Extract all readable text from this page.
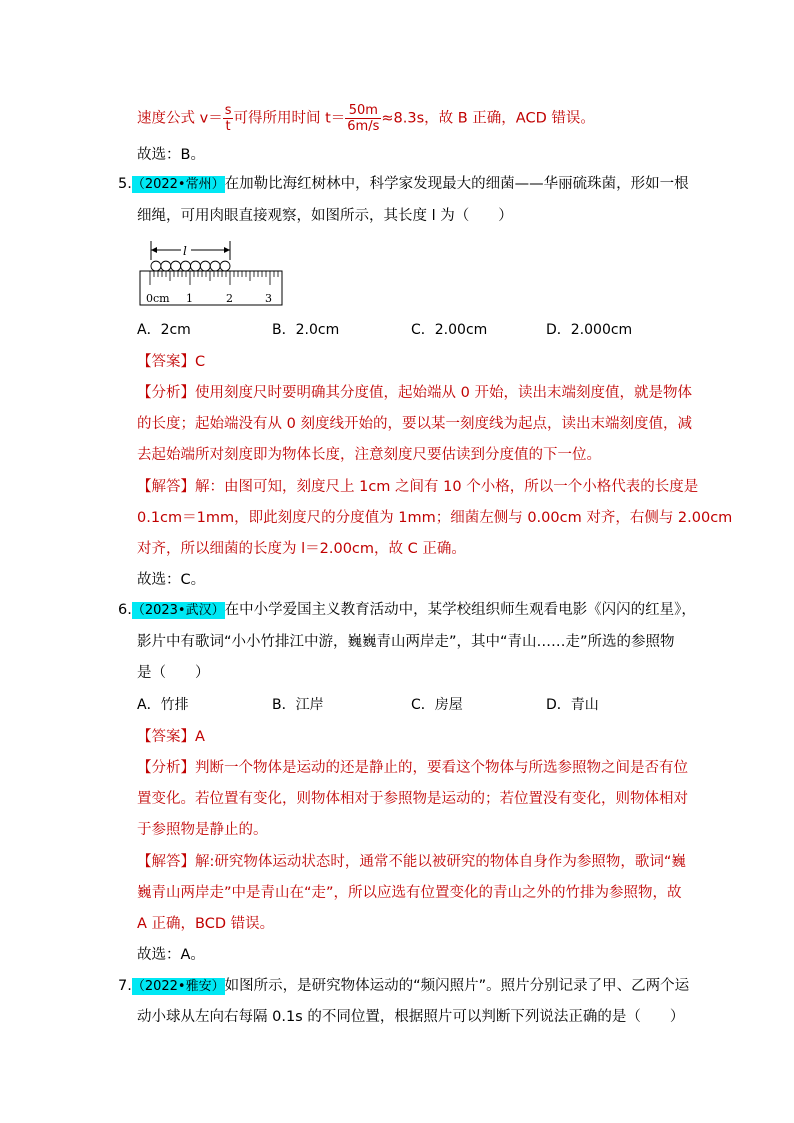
速度公式 $v= \frac{s}{t}$ 可得所用时间 $t= \frac{50m}{6m/s} \approx 8.3s$，故 B 正确，ACD 错误。
故选：B。
5.（2022•常州）在加勒比海红树林中，科学家发现最大的细菌——华丽硫珠菌，形如一根
细绳，可用肉眼直接观察，如图所示，其长度 l 为（　　）
l
0cm 1	2	3
A．2cm	B．2.0cm	C．2.00cm	D．2.000cm
【答案】C
【分析】使用刻度尺时要明确其分度值，起始端从 0 开始，读出末端刻度值，就是物体
的长度；起始端没有从 0 刻度线开始的，要以某一刻度线为起点，读出末端刻度值，减
去起始端所对刻度即为物体长度，注意刻度尺要估读到分度值的下一位。
【解答】解：由图可知，刻度尺上 1cm 之间有 10 个小格，所以一个小格代表的长度是
0.1cm＝1mm，即此刻度尺的分度值为 1mm；细菌左侧与 0.00cm 对齐，右侧与 2.00cm
对齐，所以细菌的长度为 l＝2.00cm，故 C 正确。
故选：C。
6.（2023•武汉）在中小学爱国主义教育活动中，某学校组织师生观看电影《闪闪的红星》，
影片中有歌词“小小竹排江中游，巍巍青山两岸走”，其中“青山……走”所选的参照物
是（　　）
A．竹排	B．江岸	C．房屋	D．青山
【答案】A
【分析】判断一个物体是运动的还是静止的，要看这个物体与所选参照物之间是否有位
置变化。若位置有变化，则物体相对于参照物是运动的；若位置没有变化，则物体相对
于参照物是静止的。
【解答】解:研究物体运动状态时，通常不能以被研究的物体自身作为参照物，歌词“巍
巍青山两岸走”中是青山在“走”，所以应选有位置变化的青山之外的竹排为参照物，故
A 正确，BCD 错误。
故选：A。
7.（2022•雅安）如图所示，是研究物体运动的“频闪照片”。照片分别记录了甲、乙两个运
动小球从左向右每隔 0.1s 的不同位置，根据照片可以判断下列说法正确的是（　　）
